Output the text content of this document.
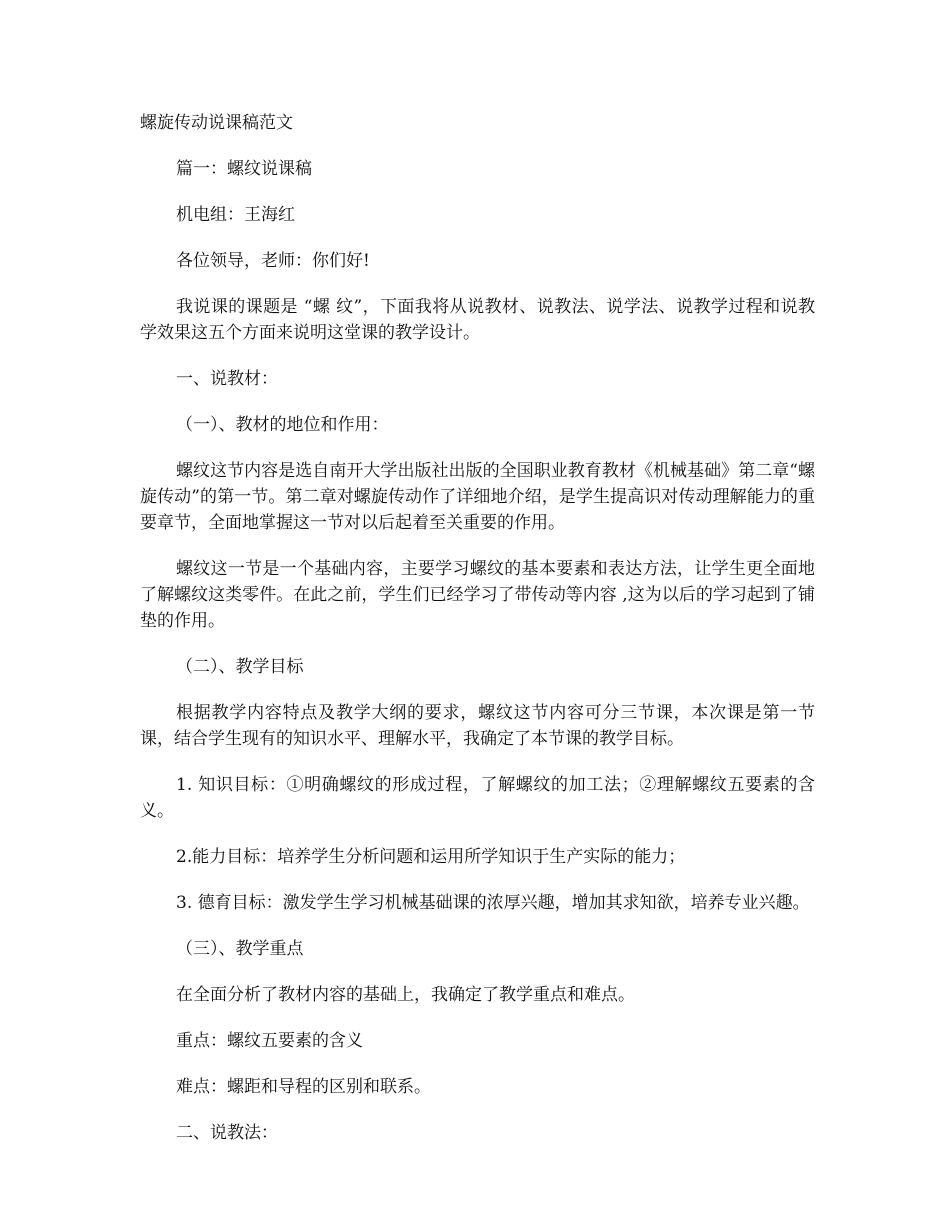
螺旋传动说课稿范文

篇一：螺纹说课稿

机电组：王海红

各位领导，老师：你们好!

我说课的课题是 “螺 纹”，下面我将从说教材、说教法、说学法、说教学过程和说教学效果这五个方面来说明这堂课的教学设计。

一、说教材：

（一）、教材的地位和作用：

螺纹这节内容是选自南开大学出版社出版的全国职业教育教材《机械基础》第二章“螺旋传动”的第一节。第二章对螺旋传动作了详细地介绍，是学生提高识对传动理解能力的重要章节，全面地掌握这一节对以后起着至关重要的作用。

螺纹这一节是一个基础内容，主要学习螺纹的基本要素和表达方法，让学生更全面地了解螺纹这类零件。在此之前，学生们已经学习了带传动等内容 ,这为以后的学习起到了铺垫的作用。

（二）、教学目标

根据教学内容特点及教学大纲的要求，螺纹这节内容可分三节课，本次课是第一节课，结合学生现有的知识水平、理解水平，我确定了本节课的教学目标。

1. 知识目标：①明确螺纹的形成过程，了解螺纹的加工法；②理解螺纹五要素的含义。

2.能力目标：培养学生分析问题和运用所学知识于生产实际的能力；

3. 德育目标：激发学生学习机械基础课的浓厚兴趣，增加其求知欲，培养专业兴趣。

（三）、教学重点

在全面分析了教材内容的基础上，我确定了教学重点和难点。

重点：螺纹五要素的含义

难点：螺距和导程的区别和联系。

二、说教法：
